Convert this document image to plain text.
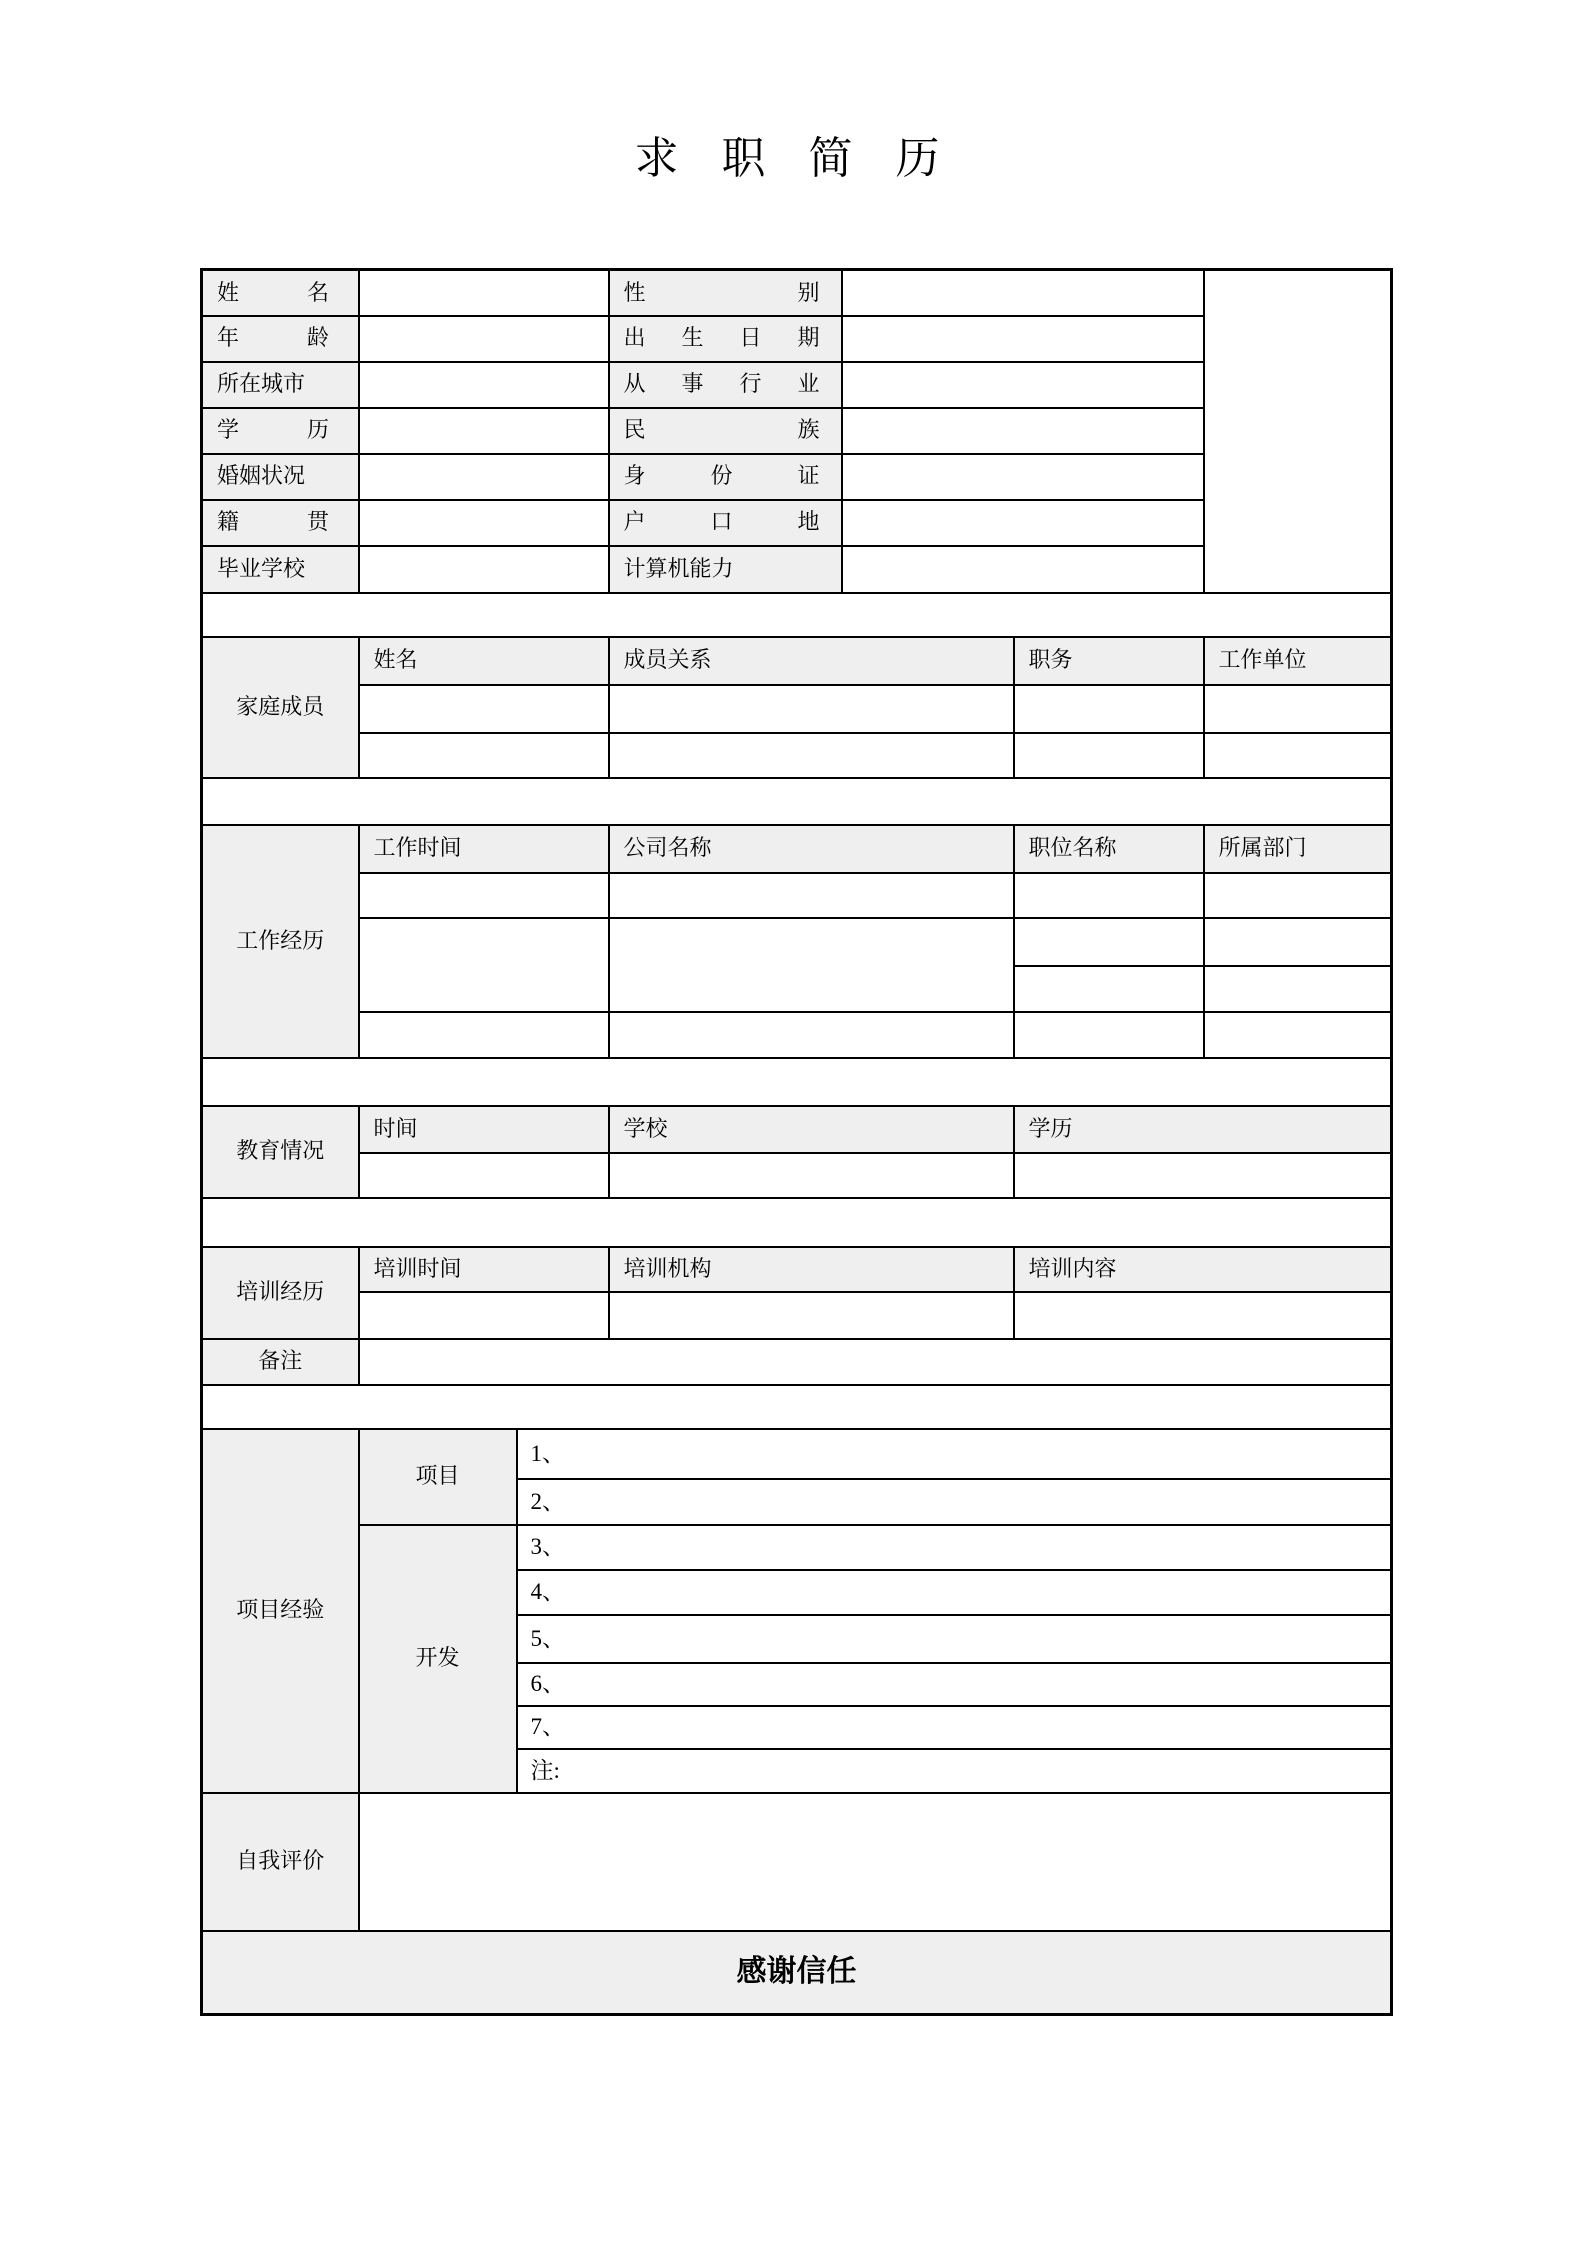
求 职 简 历
姓名			性别			
年龄			出生日期			
所在城市			从事行业			
学历			民族			
婚姻状况			身份证			
籍贯			户口地			
毕业学校			计算机能力			

家庭成员	姓名		成员关系		职务	工作单位

工作经历	工作时间		公司名称		职位名称	所属部门

教育情况	时间		学校		学历	

培训经历	培训时间		培训机构		培训内容	

备注						

项目经验	项目	1、				
		2、				
	开发	3、				
		4、				
		5、				
		6、				
		7、				
		注:				
自我评价						
感谢信任						
